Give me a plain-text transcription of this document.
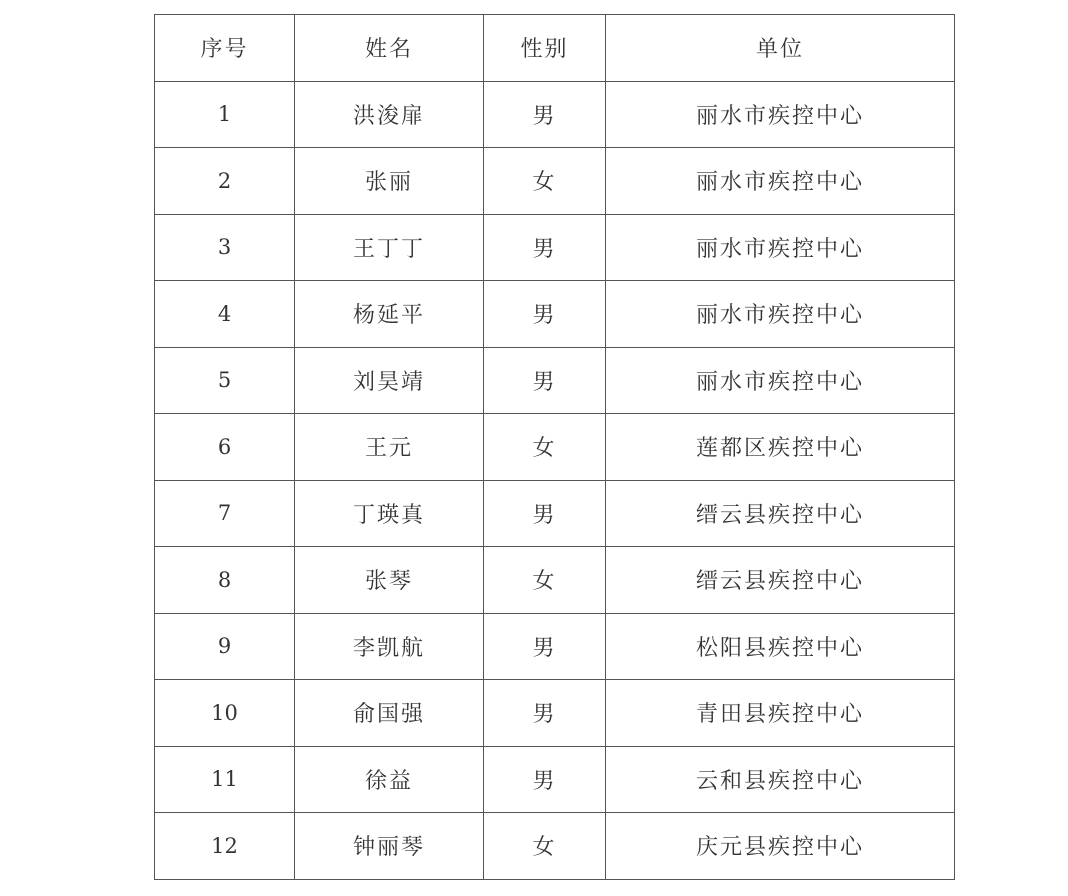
序号	姓名	性别	单位
1	洪浚扉	男	丽水市疾控中心
2	张丽	女	丽水市疾控中心
3	王丁丁	男	丽水市疾控中心
4	杨延平	男	丽水市疾控中心
5	刘昊靖	男	丽水市疾控中心
6	王元	女	莲都区疾控中心
7	丁瑛真	男	缙云县疾控中心
8	张琴	女	缙云县疾控中心
9	李凯航	男	松阳县疾控中心
10	俞国强	男	青田县疾控中心
11	徐益	男	云和县疾控中心
12	钟丽琴	女	庆元县疾控中心
